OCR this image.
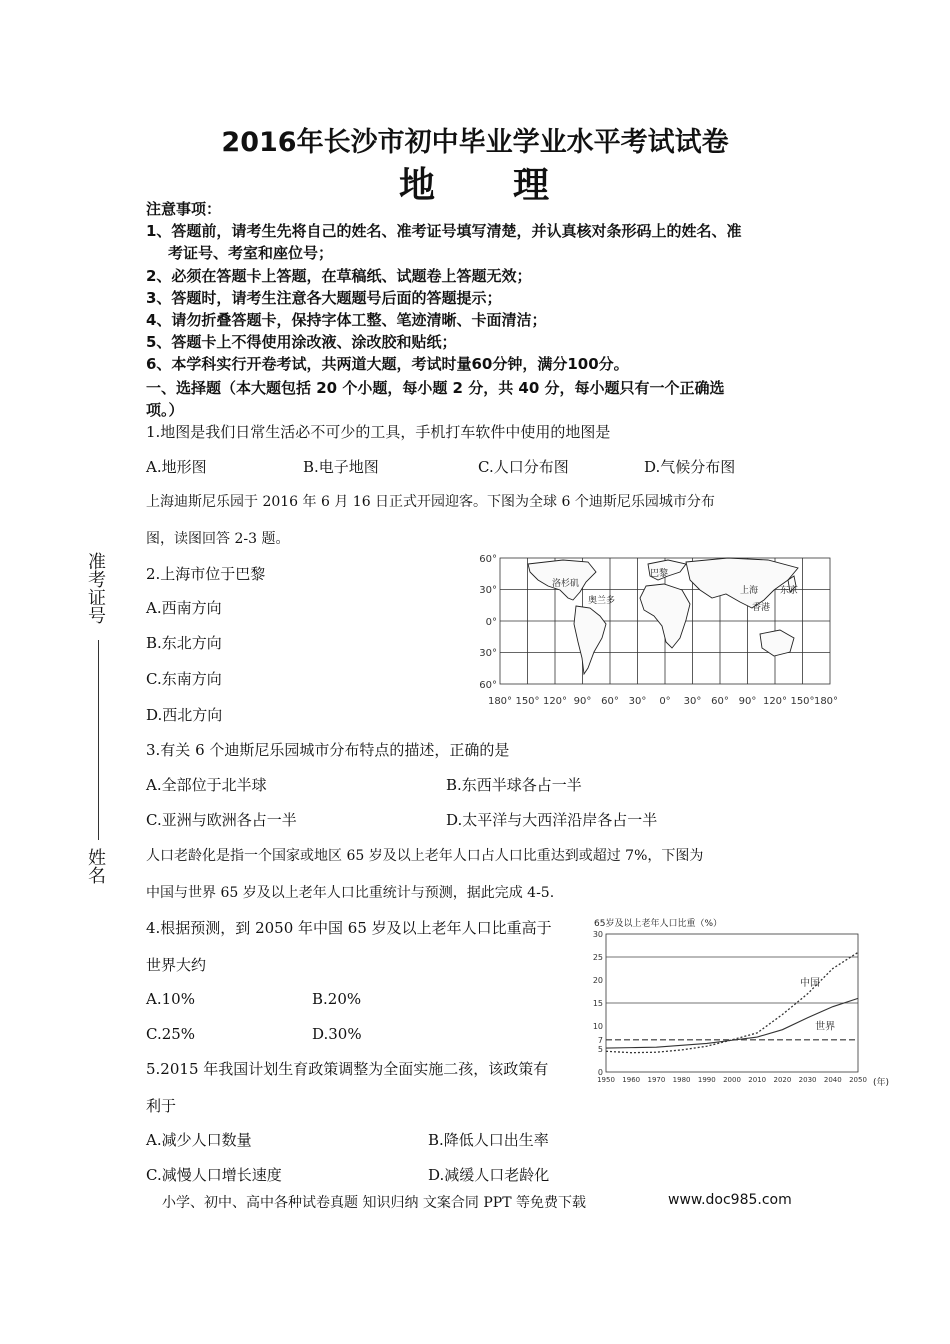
2016年长沙市初中毕业学业水平考试试卷
地　　理
注意事项：
1、答题前，请考生先将自己的姓名、准考证号填写清楚，并认真核对条形码上的姓名、准
考证号、考室和座位号；
2、必须在答题卡上答题，在草稿纸、试题卷上答题无效；
3、答题时，请考生注意各大题题号后面的答题提示；
4、请勿折叠答题卡，保持字体工整、笔迹清晰、卡面清洁；
5、答题卡上不得使用涂改液、涂改胶和贴纸；
6、本学科实行开卷考试，共两道大题，考试时量60分钟，满分100分。
一、选择题（本大题包括 20 个小题，每小题 2 分，共 40 分，每小题只有一个正确选
项。）
1.地图是我们日常生活必不可少的工具，手机打车软件中使用的地图是
A.地形图	B.电子地图	C.人口分布图	D.气候分布图
上海迪斯尼乐园于 2016 年 6 月 16 日正式开园迎客。下图为全球 6 个迪斯尼乐园城市分布
图，读图回答 2-3 题。
2.上海市位于巴黎
A.西南方向
B.东北方向
C.东南方向
D.西北方向
洛杉矶
奥兰多
上海 东京
巴黎
香港
60°
30°
0°
30°
60°
180° 150° 120° 90° 60° 30° 0° 30° 60° 90° 120° 150° 180°
3.有关 6 个迪斯尼乐园城市分布特点的描述，正确的是
A.全部位于北半球	B.东西半球各占一半
C.亚洲与欧洲各占一半	D.太平洋与大西洋沿岸各占一半
人口老龄化是指一个国家或地区 65 岁及以上老年人口占人口比重达到或超过 7%，下图为
中国与世界 65 岁及以上老年人口比重统计与预测，据此完成 4-5.
4.根据预测，到 2050 年中国 65 岁及以上老年人口比重高于
世界大约
A.10%	B.20%
C.25%	D.30%
5.2015 年我国计划生育政策调整为全面实施二孩，该政策有
利于
A.减少人口数量	B.降低人口出生率
C.减慢人口增长速度	D.减缓人口老龄化
65岁及以上老年人口比重（%）
(年)
0
5
7
10
15
20
25
30
1950 1960 1970 1980 1990 2000 2010 2020 2030 2040 2050
中国
世界
准考证号
姓名
小学、初中、高中各种试卷真题 知识归纳 文案合同 PPT 等免费下载	www.doc985.com
